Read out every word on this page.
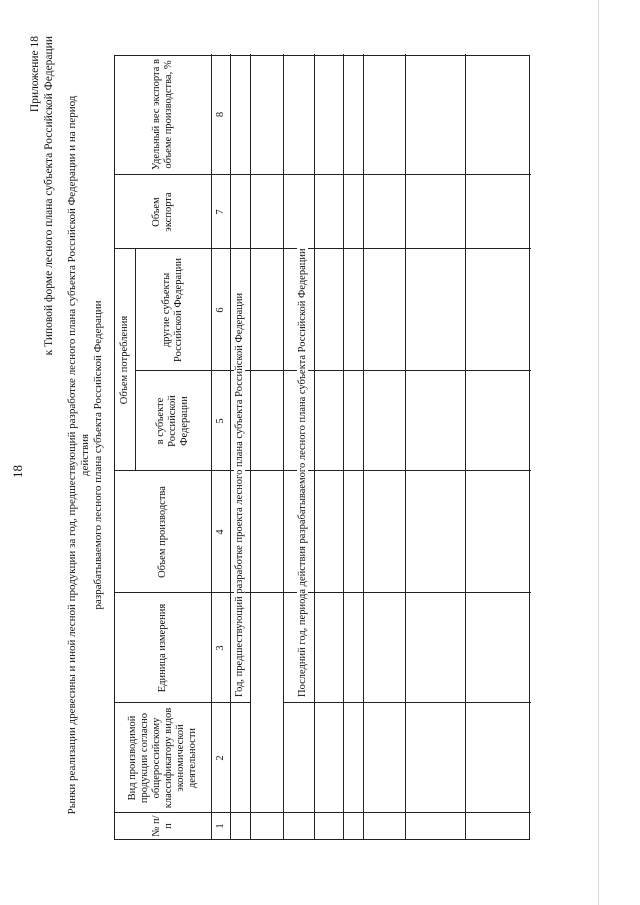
18
Приложение 18 к Типовой форме лесного плана субъекта Российской Федерации Рынки реализации древесины и иной лесной продукции за год, предшествующий разработке лесного плана субъекта Российской Федерации и на период действия разрабатываемого лесного плана субъекта Российской Федерации
№ п/п
Вид производимой продукции согласно общероссийскому классификатору видов экономической деятельности
Единица измерения
Объем производства
Объем потребления
в субъекте Российской Федерации
другие субъекты Российской Федерации
Объем экспорта
Удельный вес экспорта в объеме производства, %
1
2
3
4
5
6
7
8
Год, предшествующий разработке проекта лесного плана субъекта Российской Федерации	Последний год, периода действия разрабатываемого лесного плана субъекта Российской Федерации
